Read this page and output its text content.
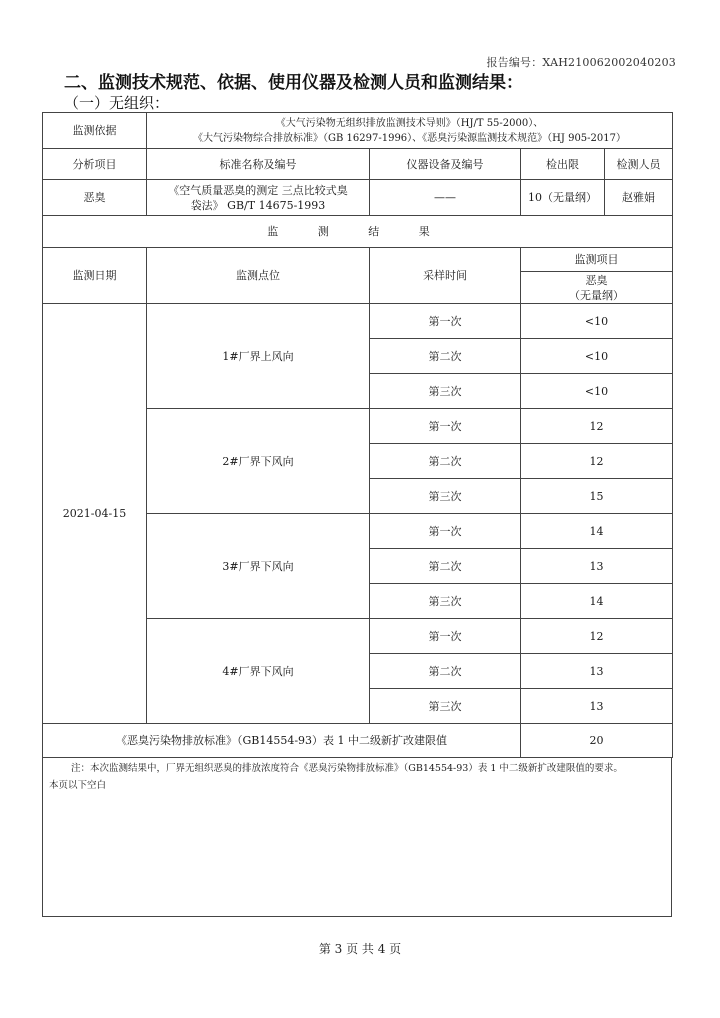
报告编号：XAH210062002040203
二、监测技术规范、依据、使用仪器及检测人员和监测结果：
（一）无组织：
监测依据	《大气污染物无组织排放监测技术导则》（HJ/T 55-2000）、
《大气污染物综合排放标准》（GB 16297-1996）、《恶臭污染源监测技术规范》（HJ 905-2017）			

分析项目	标准名称及编号	仪器设备及编号	检出限	检测人员
恶臭	《空气质量恶臭的测定 三点比较式臭
袋法》 GB/T 14675-1993	——	10（无量纲）	赵雅娟
监 测 结 果				
监测日期	监测点位	采样时间	监测项目	

			恶臭
（无量纲）	

2021-04-15	1#厂界上风向	第一次	<10	
		第二次	<10	
		第三次	<10	
	2#厂界下风向	第一次	12	
		第二次	12	
		第三次	15	
	3#厂界下风向	第一次	14	
		第二次	13	
		第三次	14	
	4#厂界下风向	第一次	12	
		第二次	13	
		第三次	13	
《恶臭污染物排放标准》（GB14554-93）表 1 中二级新扩改建限值			20	
注：本次监测结果中，厂界无组织恶臭的排放浓度符合《恶臭污染物排放标准》（GB14554-93）表 1 中二级新扩改建限值的要求。
本页以下空白
第 3 页 共 4 页
